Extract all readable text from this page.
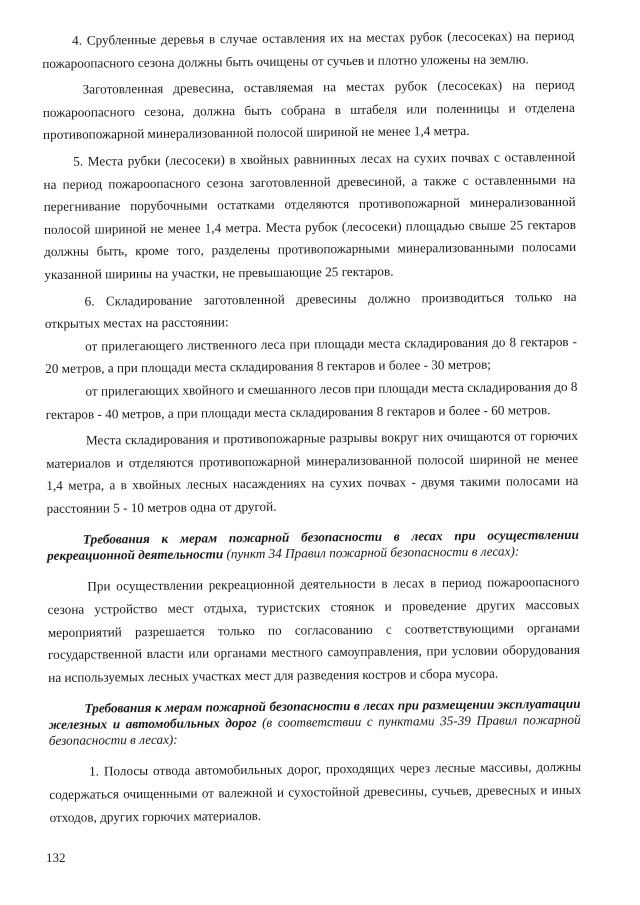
4. Срубленные деревья в случае оставления их на местах рубок (лесосеках) на период пожароопасного сезона должны быть очищены от сучьев и плотно уложены на землю.

Заготовленная древесина, оставляемая на местах рубок (лесосеках) на период пожароопасного сезона, должна быть собрана в штабеля или поленницы и отделена противопожарной минерализованной полосой шириной не менее 1,4 метра.

5. Места рубки (лесосеки) в хвойных равнинных лесах на сухих почвах с оставленной на период пожароопасного сезона заготовленной древесиной, а также с оставленными на перегнивание порубочными остатками отделяются противопожарной минерализованной полосой шириной не менее 1,4 метра. Места рубок (лесосеки) площадью свыше 25 гектаров должны быть, кроме того, разделены противопожарными минерализованными полосами указанной ширины на участки, не превышающие 25 гектаров.

6. Складирование заготовленной древесины должно производиться только на открытых местах на расстоянии:

от прилегающего лиственного леса при площади места складирования до 8 гектаров - 20 метров, а при площади места складирования 8 гектаров и более - 30 метров;

от прилегающих хвойного и смешанного лесов при площади места складирования до 8 гектаров - 40 метров, а при площади места складирования 8 гектаров и более - 60 метров.

Места складирования и противопожарные разрывы вокруг них очищаются от горючих материалов и отделяются противопожарной минерализованной полосой шириной не менее 1,4 метра, а в хвойных лесных насаждениях на сухих почвах - двумя такими полосами на расстоянии 5 - 10 метров одна от другой.

Требования к мерам пожарной безопасности в лесах при осуществлении рекреационной деятельности (пункт 34 Правил пожарной безопасности в лесах):

При осуществлении рекреационной деятельности в лесах в период пожароопасного сезона устройство мест отдыха, туристских стоянок и проведение других массовых мероприятий разрешается только по согласованию с соответствующими органами государственной власти или органами местного самоуправления, при условии оборудования на используемых лесных участках мест для разведения костров и сбора мусора.

Требования к мерам пожарной безопасности в лесах при размещении эксплуатации железных и автомобильных дорог (в соответствии с пунктами 35-39 Правил пожарной безопасности в лесах):

1. Полосы отвода автомобильных дорог, проходящих через лесные массивы, должны содержаться очищенными от валежной и сухостойной древесины, сучьев, древесных и иных отходов, других горючих материалов.

132
